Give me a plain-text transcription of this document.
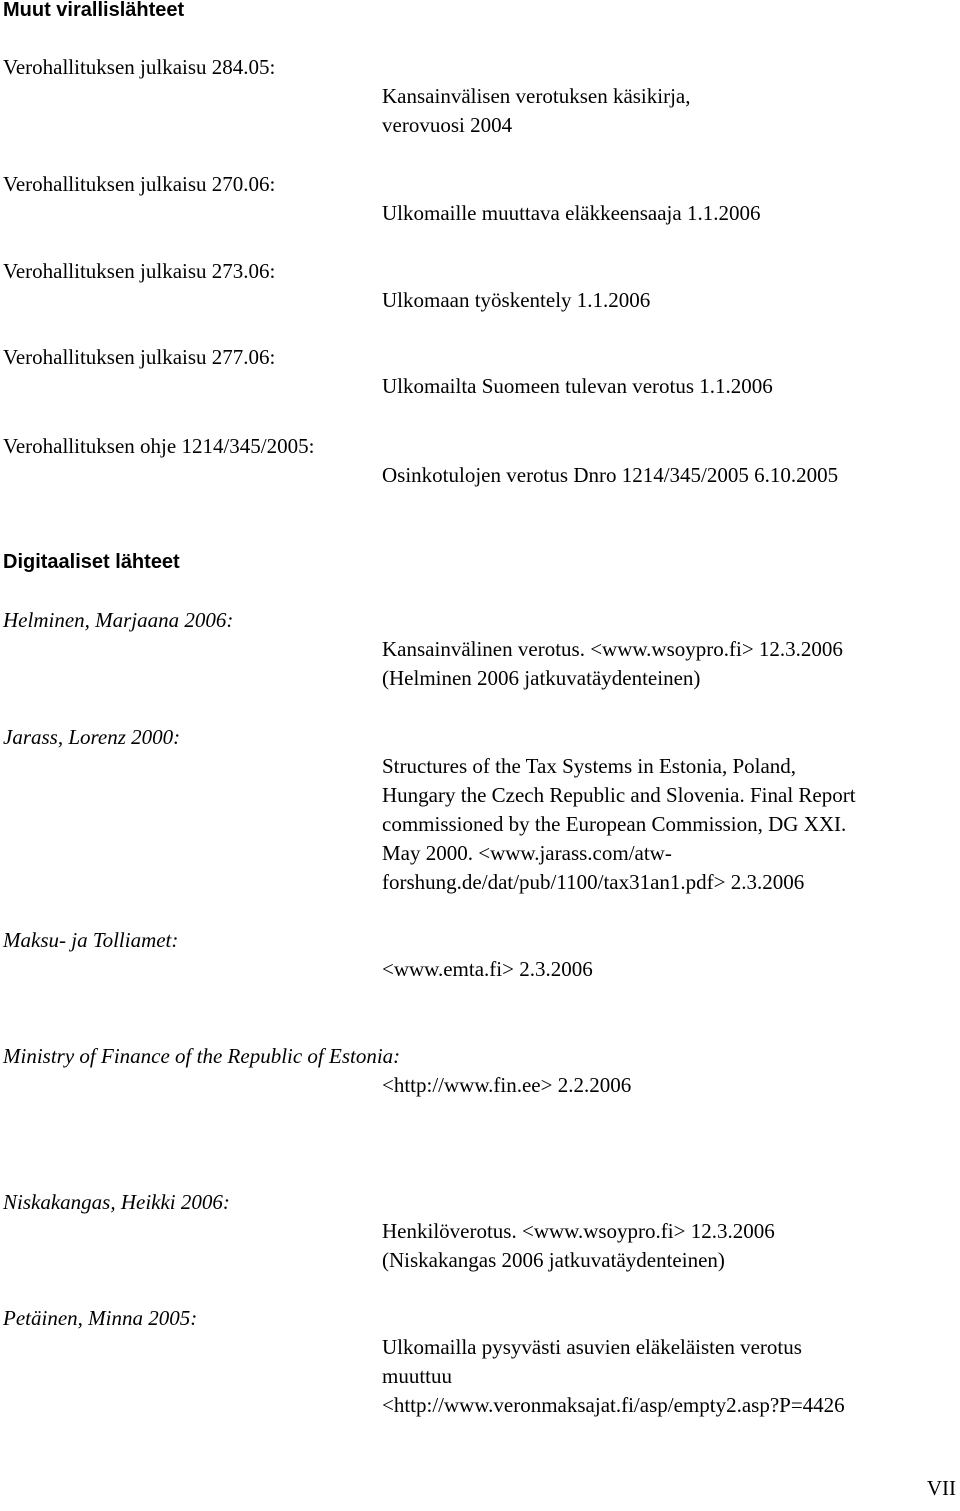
Muut virallislähteet
Verohallituksen julkaisu 284.05:
Kansainvälisen verotuksen käsikirja,
verovuosi 2004
Verohallituksen julkaisu 270.06:
Ulkomaille muuttava eläkkeensaaja 1.1.2006
Verohallituksen julkaisu 273.06:
Ulkomaan työskentely 1.1.2006
Verohallituksen julkaisu 277.06:
Ulkomailta Suomeen tulevan verotus 1.1.2006
Verohallituksen ohje 1214/345/2005:
Osinkotulojen verotus Dnro 1214/345/2005 6.10.2005
Digitaaliset lähteet
Helminen, Marjaana 2006:
Kansainvälinen verotus. <www.wsoypro.fi> 12.3.2006
(Helminen 2006 jatkuvatäydenteinen)
Jarass, Lorenz 2000:
Structures of the Tax Systems in Estonia, Poland,
Hungary the Czech Republic and Slovenia. Final Report
commissioned by the European Commission, DG XXI.
May 2000. <www.jarass.com/atw-
forshung.de/dat/pub/1100/tax31an1.pdf> 2.3.2006
Maksu- ja Tolliamet:
<www.emta.fi> 2.3.2006
Ministry of Finance of the Republic of Estonia:
<http://www.fin.ee> 2.2.2006
Niskakangas, Heikki 2006:
Henkilöverotus. <www.wsoypro.fi> 12.3.2006
(Niskakangas 2006 jatkuvatäydenteinen)
Petäinen, Minna 2005:
Ulkomailla pysyvästi asuvien eläkeläisten verotus
muuttuu
<http://www.veronmaksajat.fi/asp/empty2.asp?P=4426
VII
